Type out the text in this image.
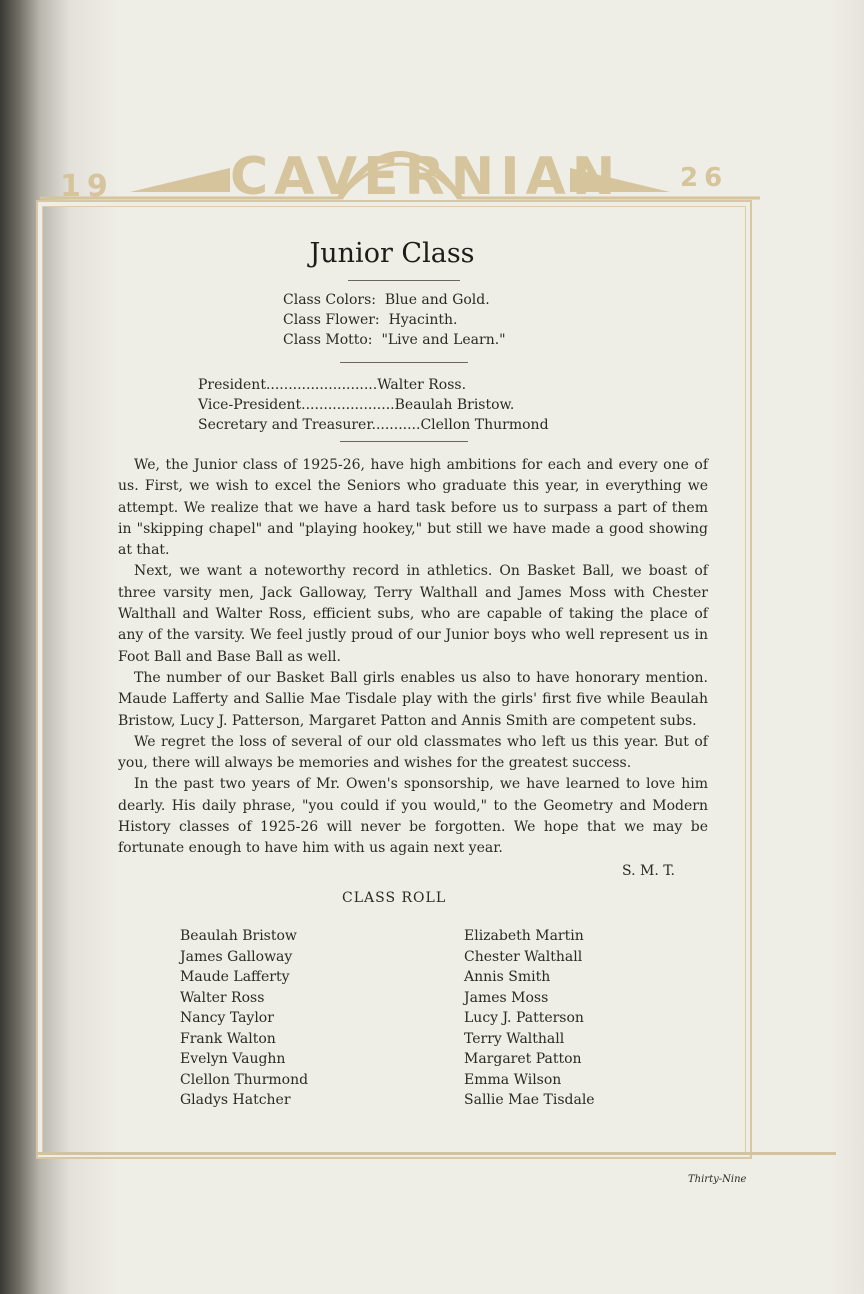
19 CAVERNIAN 26
Junior Class
Class Colors: Blue and Gold.
Class Flower: Hyacinth.
Class Motto: "Live and Learn."
President.........................Walter Ross.
Vice-President.....................Beaulah Bristow.
Secretary and Treasurer...........Clellon Thurmond

We, the Junior class of 1925-26, have high ambitions for each and every one of us. First, we wish to excel the Seniors who graduate this year, in everything we attempt. We realize that we have a hard task before us to surpass a part of them in "skipping chapel" and "playing hookey," but still we have made a good showing at that.

Next, we want a noteworthy record in athletics. On Basket Ball, we boast of three varsity men, Jack Galloway, Terry Walthall and James Moss with Chester Walthall and Walter Ross, efficient subs, who are capable of taking the place of any of the varsity. We feel justly proud of our Junior boys who well represent us in Foot Ball and Base Ball as well.

The number of our Basket Ball girls enables us also to have honorary mention. Maude Lafferty and Sallie Mae Tisdale play with the girls' first five while Beaulah Bristow, Lucy J. Patterson, Margaret Patton and Annis Smith are competent subs.

We regret the loss of several of our old classmates who left us this year. But of you, there will always be memories and wishes for the greatest success.

In the past two years of Mr. Owen's sponsorship, we have learned to love him dearly. His daily phrase, "you could if you would," to the Geometry and Modern History classes of 1925-26 will never be forgotten. We hope that we may be fortunate enough to have him with us again next year.

S. M. T.
CLASS ROLL
Beaulah Bristow
James Galloway
Maude Lafferty
Walter Ross
Nancy Taylor
Frank Walton
Evelyn Vaughn
Clellon Thurmond
Gladys Hatcher
Elizabeth Martin
Chester Walthall
Annis Smith
James Moss
Lucy J. Patterson
Terry Walthall
Margaret Patton
Emma Wilson
Sallie Mae Tisdale
Thirty-Nine
